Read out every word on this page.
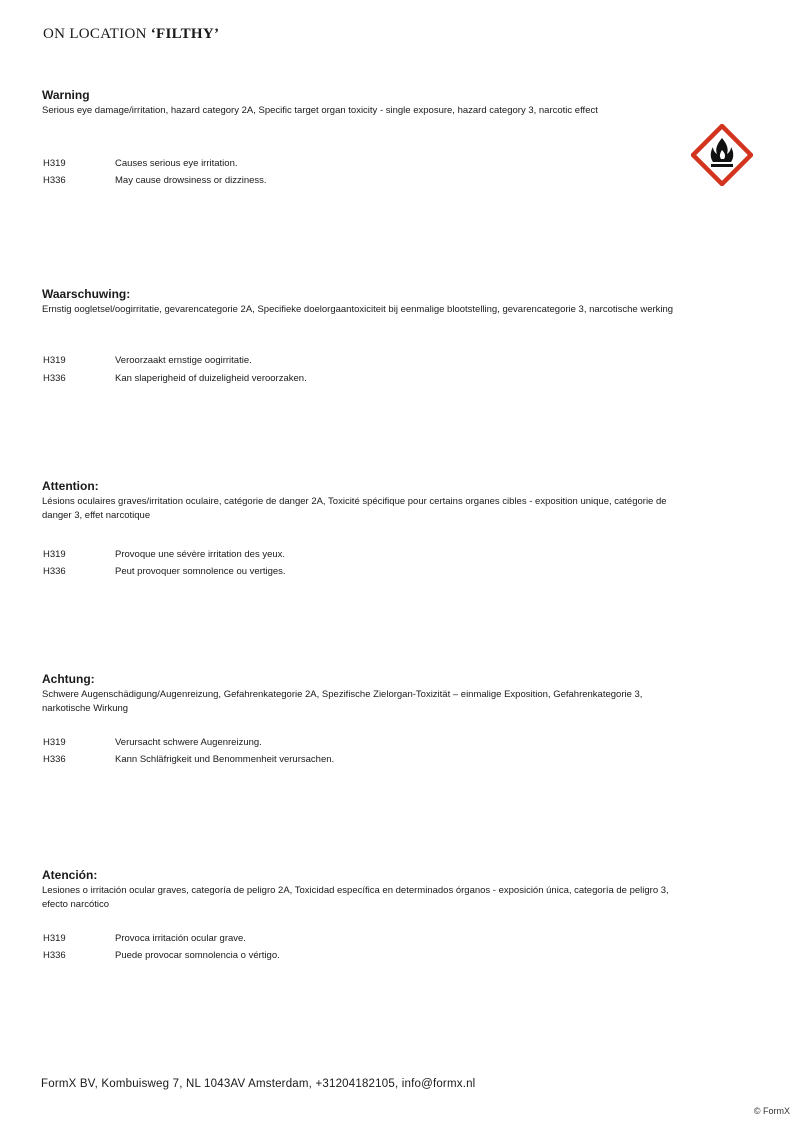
ON LOCATION ‘FILTHY’
Warning

Serious eye damage/irritation, hazard category 2A, Specific target organ toxicity - single exposure, hazard category 3, narcotic effect

H319	Causes serious eye irritation.
H336	May cause drowsiness or dizziness.
Waarschuwing:

Ernstig oogletsel/oogirritatie, gevarencategorie 2A, Specifieke doelorgaantoxiciteit bij eenmalige blootstelling, gevarencategorie 3, narcotische werking

H319	Veroorzaakt ernstige oogirritatie.
H336	Kan slaperigheid of duizeligheid veroorzaken.
Attention:

Lésions oculaires graves/irritation oculaire, catégorie de danger 2A, Toxicité spécifique pour certains organes cibles - exposition unique, catégorie de danger 3, effet narcotique

H319	Provoque une sévère irritation des yeux.
H336	Peut provoquer somnolence ou vertiges.
Achtung:

Schwere Augenschädigung/Augenreizung, Gefahrenkategorie 2A, Spezifische Zielorgan-Toxizität – einmalige Exposition, Gefahrenkategorie 3, narkotische Wirkung

H319	Verursacht schwere Augenreizung.
H336	Kann Schläfrigkeit und Benommenheit verursachen.
Atención:

Lesiones o irritación ocular graves, categoría de peligro 2A, Toxicidad específica en determinados órganos - exposición única, categoría de peligro 3, efecto narcótico

H319	Provoca irritación ocular grave.
H336	Puede provocar somnolencia o vértigo.
FormX BV, Kombuisweg 7, NL 1043AV Amsterdam, +31204182105, info@formx.nl
© FormX
